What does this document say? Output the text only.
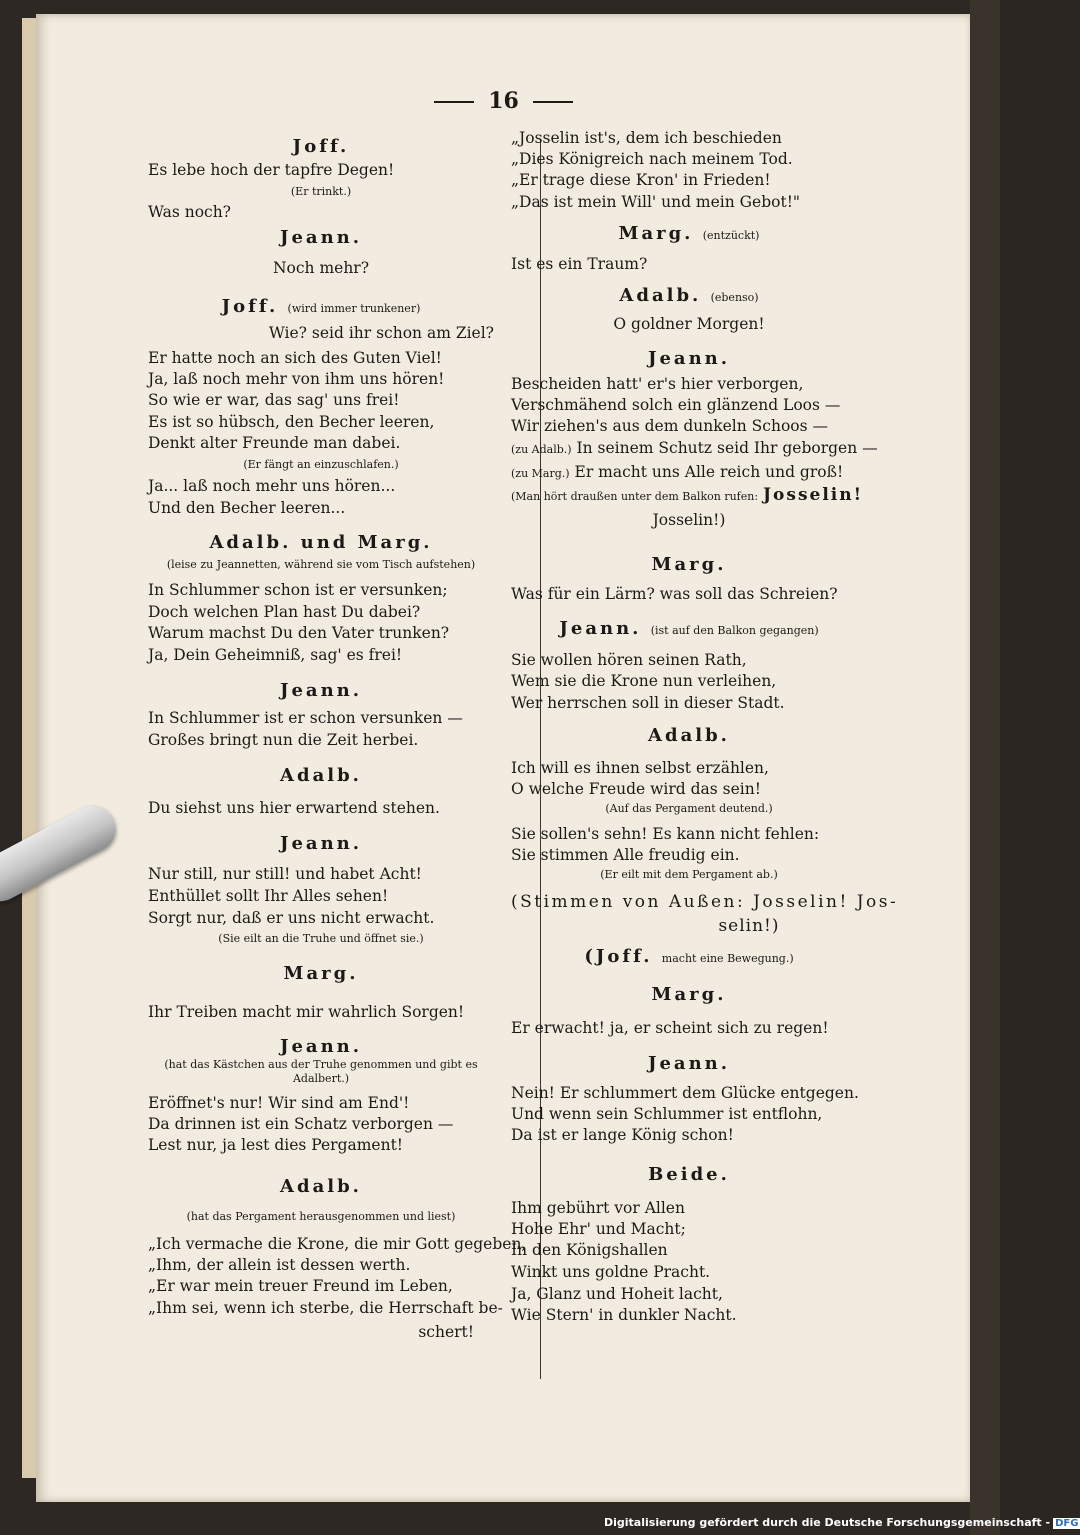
16
Joff.
Es lebe hoch der tapfre Degen!
(Er trinkt.)
Was noch?
Jeann.
Noch mehr?
Joff. (wird immer trunkener)
Wie? seid ihr schon am Ziel?
Er hatte noch an sich des Guten Viel!
Ja, laß noch mehr von ihm uns hören!
So wie er war, das sag' uns frei!
Es ist so hübsch, den Becher leeren,
Denkt alter Freunde man dabei.
(Er fängt an einzuschlafen.)
Ja... laß noch mehr uns hören...
Und den Becher leeren...
Adalb. und Marg.
(leise zu Jeannetten, während sie vom Tisch aufstehen)
In Schlummer schon ist er versunken;
Doch welchen Plan hast Du dabei?
Warum machst Du den Vater trunken?
Ja, Dein Geheimniß, sag' es frei!
Jeann.
In Schlummer ist er schon versunken —
Großes bringt nun die Zeit herbei.
Adalb.
Du siehst uns hier erwartend stehen.
Jeann.
Nur still, nur still! und habet Acht!
Enthüllet sollt Ihr Alles sehen!
Sorgt nur, daß er uns nicht erwacht.
(Sie eilt an die Truhe und öffnet sie.)
Marg.
Ihr Treiben macht mir wahrlich Sorgen!
Jeann.
(hat das Kästchen aus der Truhe genommen und gibt es Adalbert.)
Eröffnet's nur! Wir sind am End'!
Da drinnen ist ein Schatz verborgen —
Lest nur, ja lest dies Pergament!
Adalb.
(hat das Pergament herausgenommen und liest)
„Ich vermache die Krone, die mir Gott gegeben,
„Ihm, der allein ist dessen werth.
„Er war mein treuer Freund im Leben,
„Ihm sei, wenn ich sterbe, die Herrschaft be-
schert!
„Josselin ist's, dem ich beschieden
„Dies Königreich nach meinem Tod.
„Er trage diese Kron' in Frieden!
„Das ist mein Will' und mein Gebot!"
Marg. (entzückt)
Ist es ein Traum?
Adalb. (ebenso)
O goldner Morgen!
Jeann.
Bescheiden hatt' er's hier verborgen,
Verschmähend solch ein glänzend Loos —
Wir ziehen's aus dem dunkeln Schoos —
(zu Adalb.) In seinem Schutz seid Ihr geborgen —
(zu Marg.) Er macht uns Alle reich und groß!
(Man hört draußen unter dem Balkon rufen: Josselin!
Josselin!)
Marg.
Was für ein Lärm? was soll das Schreien?
Jeann. (ist auf den Balkon gegangen)
Sie wollen hören seinen Rath,
Wem sie die Krone nun verleihen,
Wer herrschen soll in dieser Stadt.
Adalb.
Ich will es ihnen selbst erzählen,
O welche Freude wird das sein!
(Auf das Pergament deutend.)
Sie sollen's sehn! Es kann nicht fehlen:
Sie stimmen Alle freudig ein.
(Er eilt mit dem Pergament ab.)
(Stimmen von Außen: Josselin! Jos-
selin!)
(Joff. macht eine Bewegung.)
Marg.
Er erwacht! ja, er scheint sich zu regen!
Jeann.
Nein! Er schlummert dem Glücke entgegen.
Und wenn sein Schlummer ist entflohn,
Da ist er lange König schon!
Beide.
Ihm gebührt vor Allen
Hohe Ehr' und Macht;
In den Königshallen
Winkt uns goldne Pracht.
Ja, Glanz und Hoheit lacht,
Wie Stern' in dunkler Nacht.
Digitalisierung gefördert durch die Deutsche Forschungsgemeinschaft - DFG
